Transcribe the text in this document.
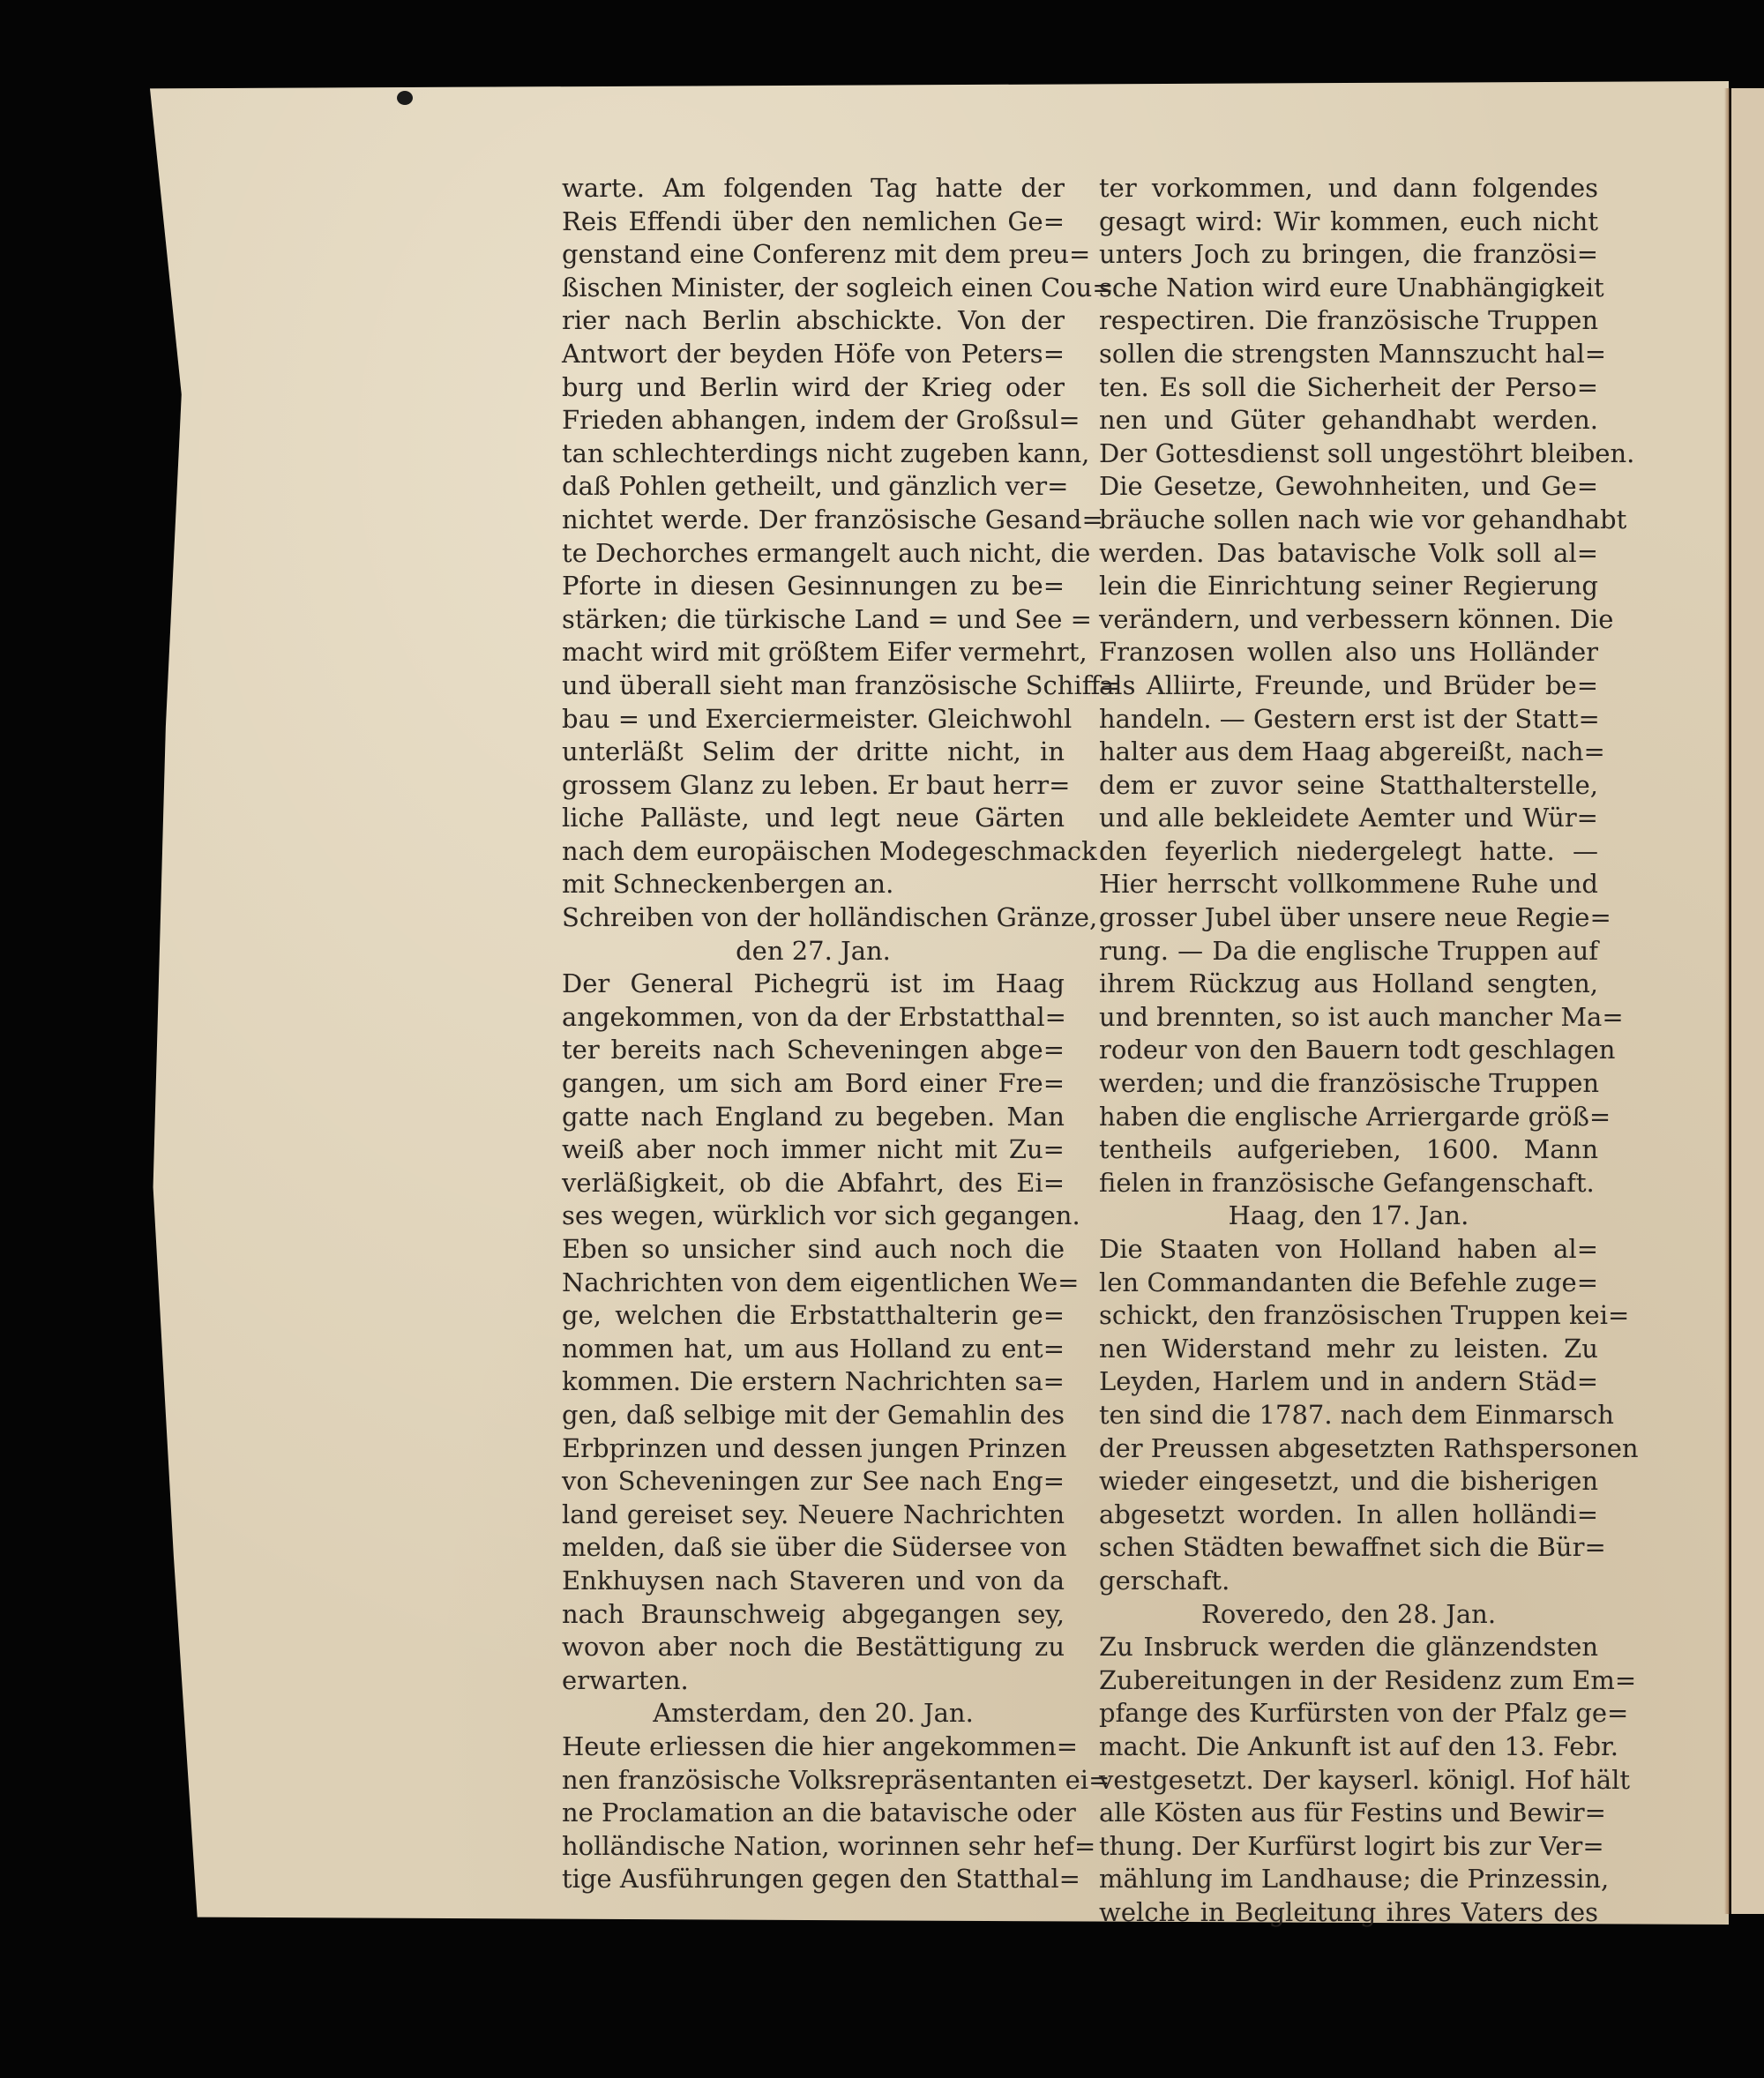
warte. Am folgenden Tag hatte der
Reis Effendi über den nemlichen Ge=
genstand eine Conferenz mit dem preu=
ßischen Minister, der sogleich einen Cou=
rier nach Berlin abschickte. Von der
Antwort der beyden Höfe von Peters=
burg und Berlin wird der Krieg oder
Frieden abhangen, indem der Großsul=
tan schlechterdings nicht zugeben kann,
daß Pohlen getheilt, und gänzlich ver=
nichtet werde. Der französische Gesand=
te Dechorches ermangelt auch nicht, die
Pforte in diesen Gesinnungen zu be=
stärken; die türkische Land = und See =
macht wird mit größtem Eifer vermehrt,
und überall sieht man französische Schiff=
bau = und Exerciermeister. Gleichwohl
unterläßt Selim der dritte nicht, in
grossem Glanz zu leben. Er baut herr=
liche Palläste, und legt neue Gärten
nach dem europäischen Modegeschmack
mit Schneckenbergen an.
Schreiben von der holländischen Gränze,
den 27. Jan.
Der General Pichegrü ist im Haag
angekommen, von da der Erbstatthal=
ter bereits nach Scheveningen abge=
gangen, um sich am Bord einer Fre=
gatte nach England zu begeben. Man
weiß aber noch immer nicht mit Zu=
verläßigkeit, ob die Abfahrt, des Ei=
ses wegen, würklich vor sich gegangen.
Eben so unsicher sind auch noch die
Nachrichten von dem eigentlichen We=
ge, welchen die Erbstatthalterin ge=
nommen hat, um aus Holland zu ent=
kommen. Die erstern Nachrichten sa=
gen, daß selbige mit der Gemahlin des
Erbprinzen und dessen jungen Prinzen
von Scheveningen zur See nach Eng=
land gereiset sey. Neuere Nachrichten
melden, daß sie über die Südersee von
Enkhuysen nach Staveren und von da
nach Braunschweig abgegangen sey,
wovon aber noch die Bestättigung zu
erwarten.
Amsterdam, den 20. Jan.
Heute erliessen die hier angekommen=
nen französische Volksrepräsentanten ei=
ne Proclamation an die batavische oder
holländische Nation, worinnen sehr hef=
tige Ausführungen gegen den Statthal=
ter vorkommen, und dann folgendes
gesagt wird: Wir kommen, euch nicht
unters Joch zu bringen, die französi=
sche Nation wird eure Unabhängigkeit
respectiren. Die französische Truppen
sollen die strengsten Mannszucht hal=
ten. Es soll die Sicherheit der Perso=
nen und Güter gehandhabt werden.
Der Gottesdienst soll ungestöhrt bleiben.
Die Gesetze, Gewohnheiten, und Ge=
bräuche sollen nach wie vor gehandhabt
werden. Das batavische Volk soll al=
lein die Einrichtung seiner Regierung
verändern, und verbessern können. Die
Franzosen wollen also uns Holländer
als Alliirte, Freunde, und Brüder be=
handeln. — Gestern erst ist der Statt=
halter aus dem Haag abgereißt, nach=
dem er zuvor seine Statthalterstelle,
und alle bekleidete Aemter und Wür=
den feyerlich niedergelegt hatte. —
Hier herrscht vollkommene Ruhe und
grosser Jubel über unsere neue Regie=
rung. — Da die englische Truppen auf
ihrem Rückzug aus Holland sengten,
und brennten, so ist auch mancher Ma=
rodeur von den Bauern todt geschlagen
werden; und die französische Truppen
haben die englische Arriergarde größ=
tentheils aufgerieben, 1600. Mann
fielen in französische Gefangenschaft.
Haag, den 17. Jan.
Die Staaten von Holland haben al=
len Commandanten die Befehle zuge=
schickt, den französischen Truppen kei=
nen Widerstand mehr zu leisten. Zu
Leyden, Harlem und in andern Städ=
ten sind die 1787. nach dem Einmarsch
der Preussen abgesetzten Rathspersonen
wieder eingesetzt, und die bisherigen
abgesetzt worden. In allen holländi=
schen Städten bewaffnet sich die Bür=
gerschaft.
Roveredo, den 28. Jan.
Zu Insbruck werden die glänzendsten
Zubereitungen in der Residenz zum Em=
pfange des Kurfürsten von der Pfalz ge=
macht. Die Ankunft ist auf den 13. Febr.
vestgesetzt. Der kayserl. königl. Hof hält
alle Kösten aus für Festins und Bewir=
thung. Der Kurfürst logirt bis zur Ver=
mählung im Landhause; die Prinzessin,
welche in Begleitung ihres Vaters des
